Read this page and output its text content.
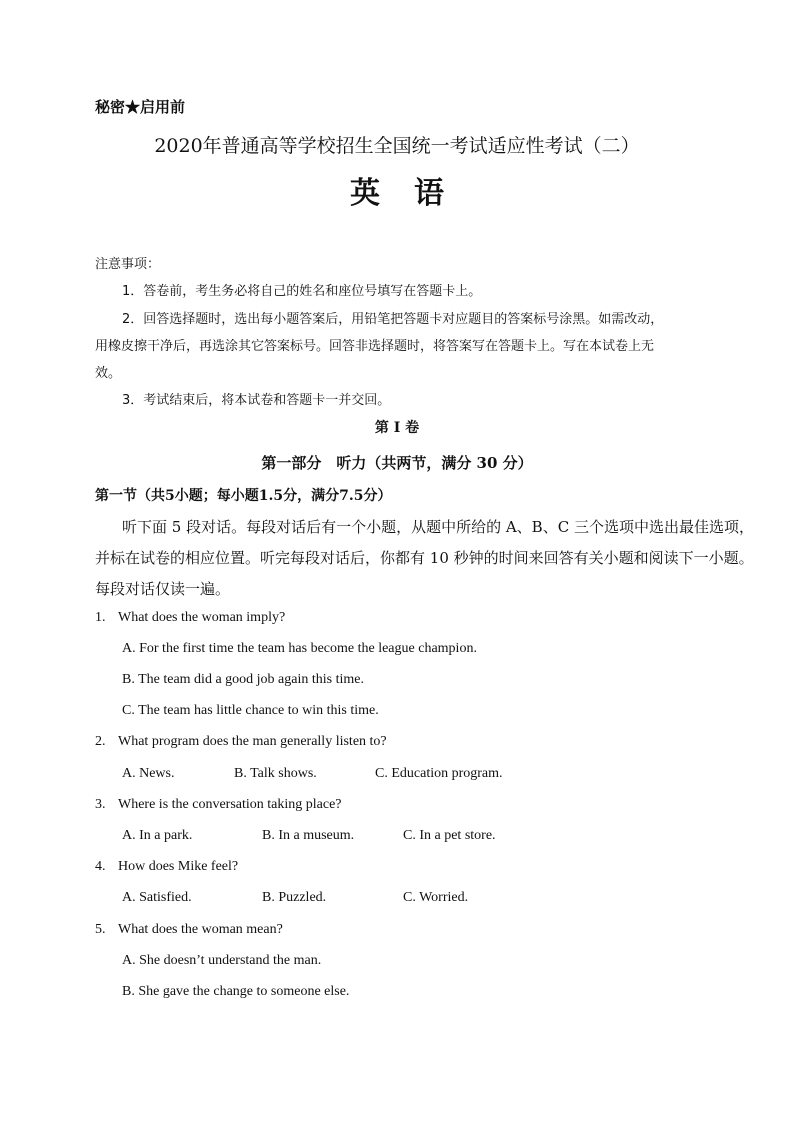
秘密★启用前
2020年普通高等学校招生全国统一考试适应性考试（二）
英语
注意事项：
1．答卷前，考生务必将自己的姓名和座位号填写在答题卡上。
2．回答选择题时，选出每小题答案后，用铅笔把答题卡对应题目的答案标号涂黑。如需改动，
用橡皮擦干净后，再选涂其它答案标号。回答非选择题时，将答案写在答题卡上。写在本试卷上无
效。
3．考试结束后，将本试卷和答题卡一并交回。
第 I 卷
第一部分　听力（共两节，满分 30 分）
第一节（共5小题；每小题1.5分，满分7.5分）
听下面 5 段对话。每段对话后有一个小题，从题中所给的 A、B、C 三个选项中选出最佳选项，
并标在试卷的相应位置。听完每段对话后，你都有 10 秒钟的时间来回答有关小题和阅读下一小题。
每段对话仅读一遍。
1. What does the woman imply?
A. For the first time the team has become the league champion.
B. The team did a good job again this time.
C. The team has little chance to win this time.
2. What program does the man generally listen to?
A. News.	B. Talk shows.	C. Education program.
3. Where is the conversation taking place?
A. In a park.	B. In a museum.	C. In a pet store.
4. How does Mike feel?
A. Satisfied.	B. Puzzled.	C. Worried.
5. What does the woman mean?
A. She doesn’t understand the man.
B. She gave the change to someone else.
